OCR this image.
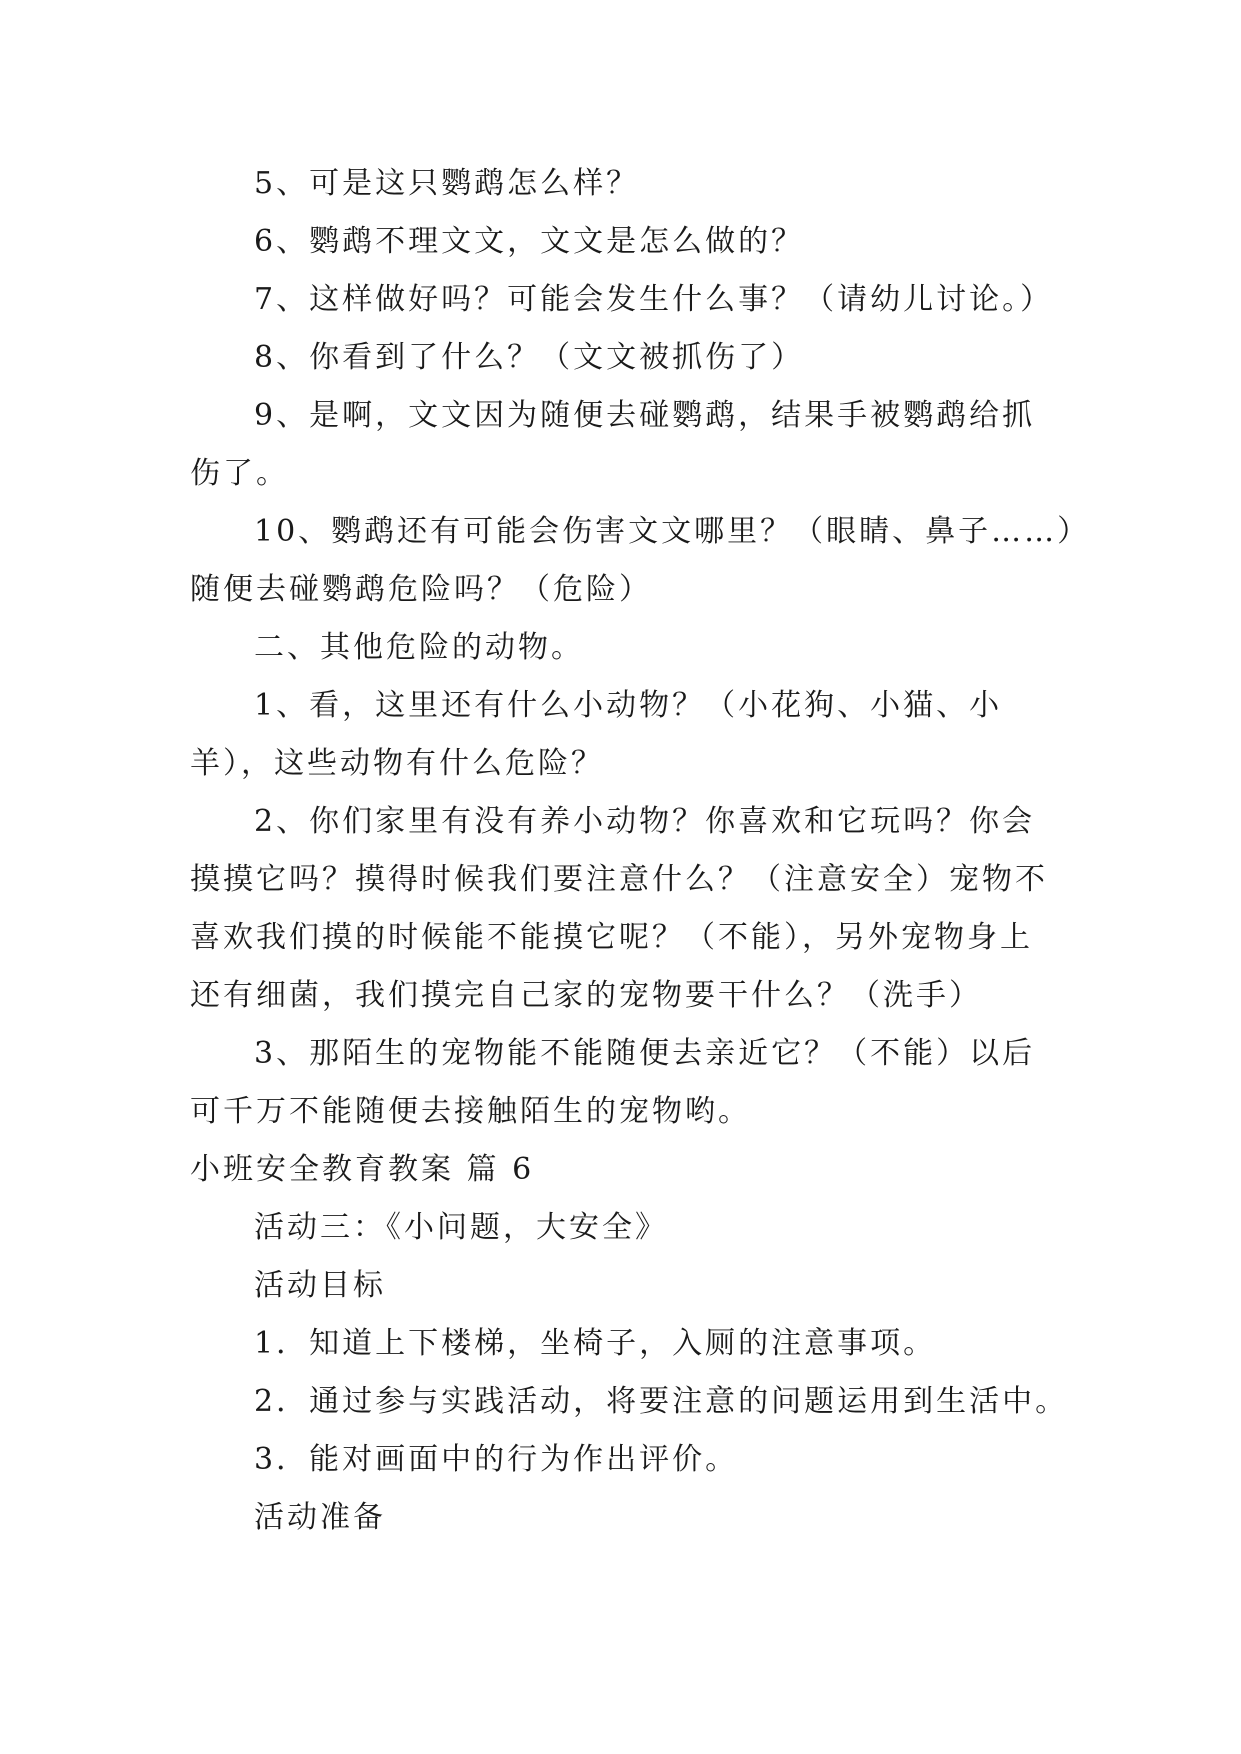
5、可是这只鹦鹉怎么样？
6、鹦鹉不理文文，文文是怎么做的？
7、这样做好吗？可能会发生什么事？（请幼儿讨论。）
8、你看到了什么？（文文被抓伤了）
9、是啊，文文因为随便去碰鹦鹉，结果手被鹦鹉给抓
伤了。
10、鹦鹉还有可能会伤害文文哪里？（眼睛、鼻子……）
随便去碰鹦鹉危险吗？（危险）
二、其他危险的动物。
1、看，这里还有什么小动物？（小花狗、小猫、小
羊），这些动物有什么危险？
2、你们家里有没有养小动物？你喜欢和它玩吗？你会
摸摸它吗？摸得时候我们要注意什么？（注意安全）宠物不
喜欢我们摸的时候能不能摸它呢？（不能），另外宠物身上
还有细菌，我们摸完自己家的宠物要干什么？（洗手）
3、那陌生的宠物能不能随便去亲近它？（不能）以后
可千万不能随便去接触陌生的宠物哟。
小班安全教育教案 篇 6
活动三：《小问题，大安全》
活动目标
1．知道上下楼梯，坐椅子，入厕的注意事项。
2．通过参与实践活动，将要注意的问题运用到生活中。
3．能对画面中的行为作出评价。
活动准备
